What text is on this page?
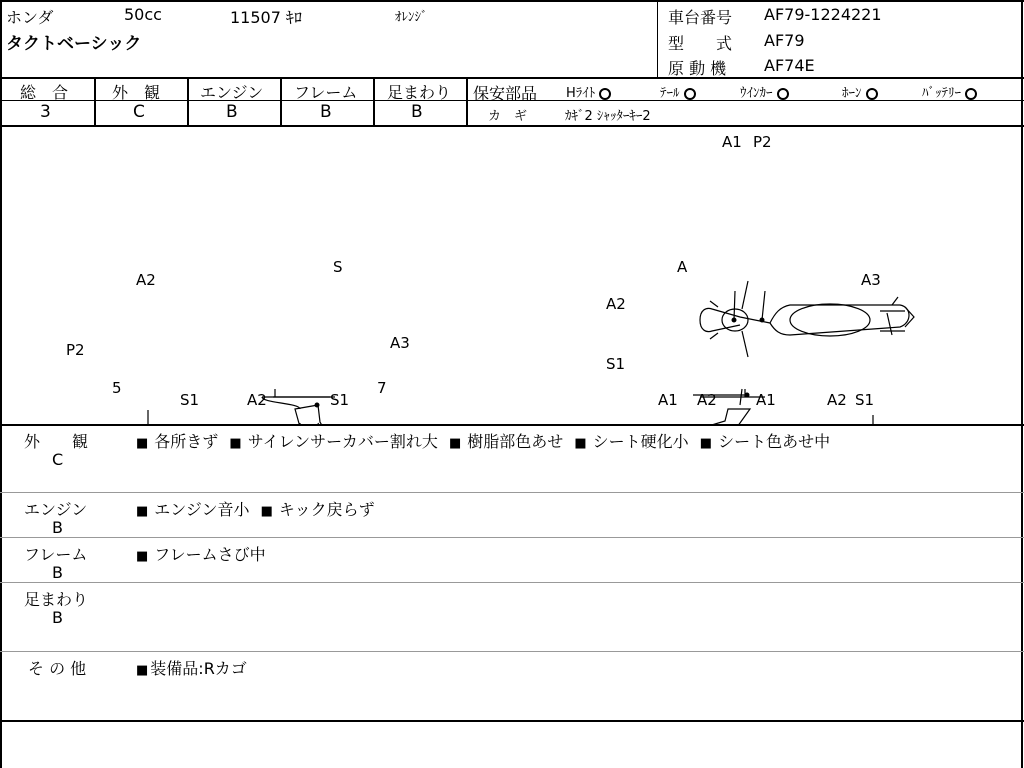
ホンダ	50cc	11507 ｷﾛ	ｵﾚﾝｼﾞ
タクトベーシック
車台番号 AF79-1224221
型　　式 AF79
原 動 機 AF74E
総　合
3
外　観
C
エンジン
B
フレーム
B
足まわり
B
保安部品 Hﾗｲﾄ	ﾃｰﾙ	ｳｲﾝｶｰ	ﾎｰﾝ	ﾊﾞｯﾃﾘｰ
カ　ギ	ｶｷﾞ2 ｼｬｯﾀｰｷｰ2
A1 P2
S
A2
P2	A3
5
S1	A2	S1
7
A
A2
A3
S1
A1 A2	A1	A2 S1
外　　観
C
■ 各所きず ■ サイレンサーカバー割れ大 ■ 樹脂部色あせ ■ シート硬化小 ■ シート色あせ中
エンジン
B
■ エンジン音小 ■ キック戻らず
フレーム
B
■ フレームさび中
足まわり
B
そ の 他	■ 装備品:Rカゴ
